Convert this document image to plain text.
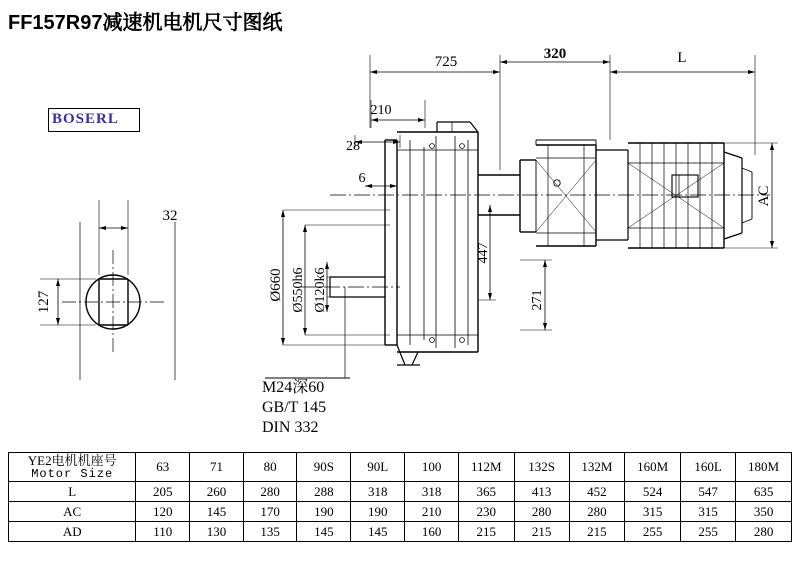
FF157R97减速机电机尺寸图纸
BOSERL
725	320	L
210
28
6
447
271
AC
Ø660 Ø550h6 Ø120k6
32
127
M24深60
GB/T 145
DIN 332
YE2电机机座号
Motor Size	63	71	80	90S	90L	100	112M	132S	132M	160M	160L	180M
L	205	260	280	288	318	318	365	413	452	524	547	635
AC	120	145	170	190	190	210	230	280	280	315	315	350
AD	110	130	135	145	145	160	215	215	215	255	255	280
